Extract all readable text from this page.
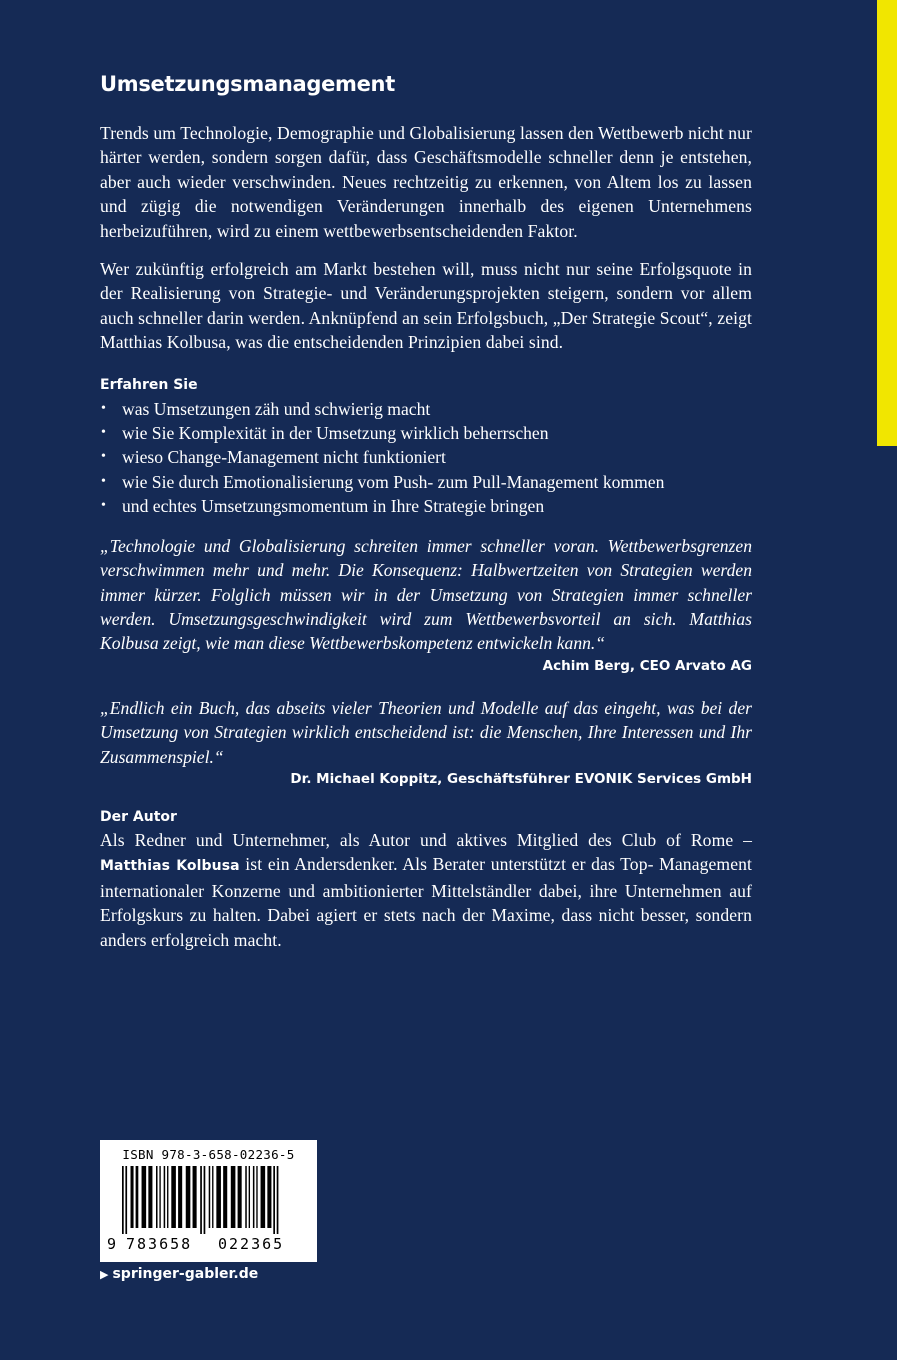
Umsetzungsmanagement

Trends um Technologie, Demographie und Globalisierung lassen den Wettbewerb nicht nur härter werden, sondern sorgen dafür, dass Geschäftsmodelle schneller denn je entstehen, aber auch wieder verschwinden. Neues rechtzeitig zu erkennen, von Altem los zu lassen und zügig die notwendigen Veränderungen innerhalb des eigenen Unternehmens herbeizuführen, wird zu einem wettbewerbsentscheidenden Faktor.

Wer zukünftig erfolgreich am Markt bestehen will, muss nicht nur seine Erfolgsquote in der Realisierung von Strategie- und Veränderungsprojekten steigern, sondern vor allem auch schneller darin werden. Anknüpfend an sein Erfolgsbuch, „Der Strategie Scout“, zeigt Matthias Kolbusa, was die entscheidenden Prinzipien dabei sind.

Erfahren Sie
• was Umsetzungen zäh und schwierig macht
• wie Sie Komplexität in der Umsetzung wirklich beherrschen
• wieso Change-Management nicht funktioniert
• wie Sie durch Emotionalisierung vom Push- zum Pull-Management kommen
• und echtes Umsetzungsmomentum in Ihre Strategie bringen

„Technologie und Globalisierung schreiten immer schneller voran. Wettbewerbsgrenzen verschwimmen mehr und mehr. Die Konsequenz: Halbwertzeiten von Strategien werden immer kürzer. Folglich müssen wir in der Umsetzung von Strategien immer schneller werden. Umsetzungsgeschwindigkeit wird zum Wettbewerbsvorteil an sich. Matthias Kolbusa zeigt, wie man diese Wettbewerbskompetenz entwickeln kann.“

Achim Berg, CEO Arvato AG

„Endlich ein Buch, das abseits vieler Theorien und Modelle auf das eingeht, was bei der Umsetzung von Strategien wirklich entscheidend ist: die Menschen, Ihre Interessen und Ihr Zusammenspiel.“

Dr. Michael Koppitz, Geschäftsführer EVONIK Services GmbH
Der Autor

Als Redner und Unternehmer, als Autor und aktives Mitglied des Club of Rome – Matthias Kolbusa ist ein Andersdenker. Als Berater unterstützt er das Top- Management internationaler Konzerne und ambitionierter Mittelständler dabei, ihre Unternehmen auf Erfolgskurs zu halten. Dabei agiert er stets nach der Maxime, dass nicht besser, sondern anders erfolgreich macht.

ISBN 978-3-658-02236-5
9 783658 022365
▶ springer-gabler.de
